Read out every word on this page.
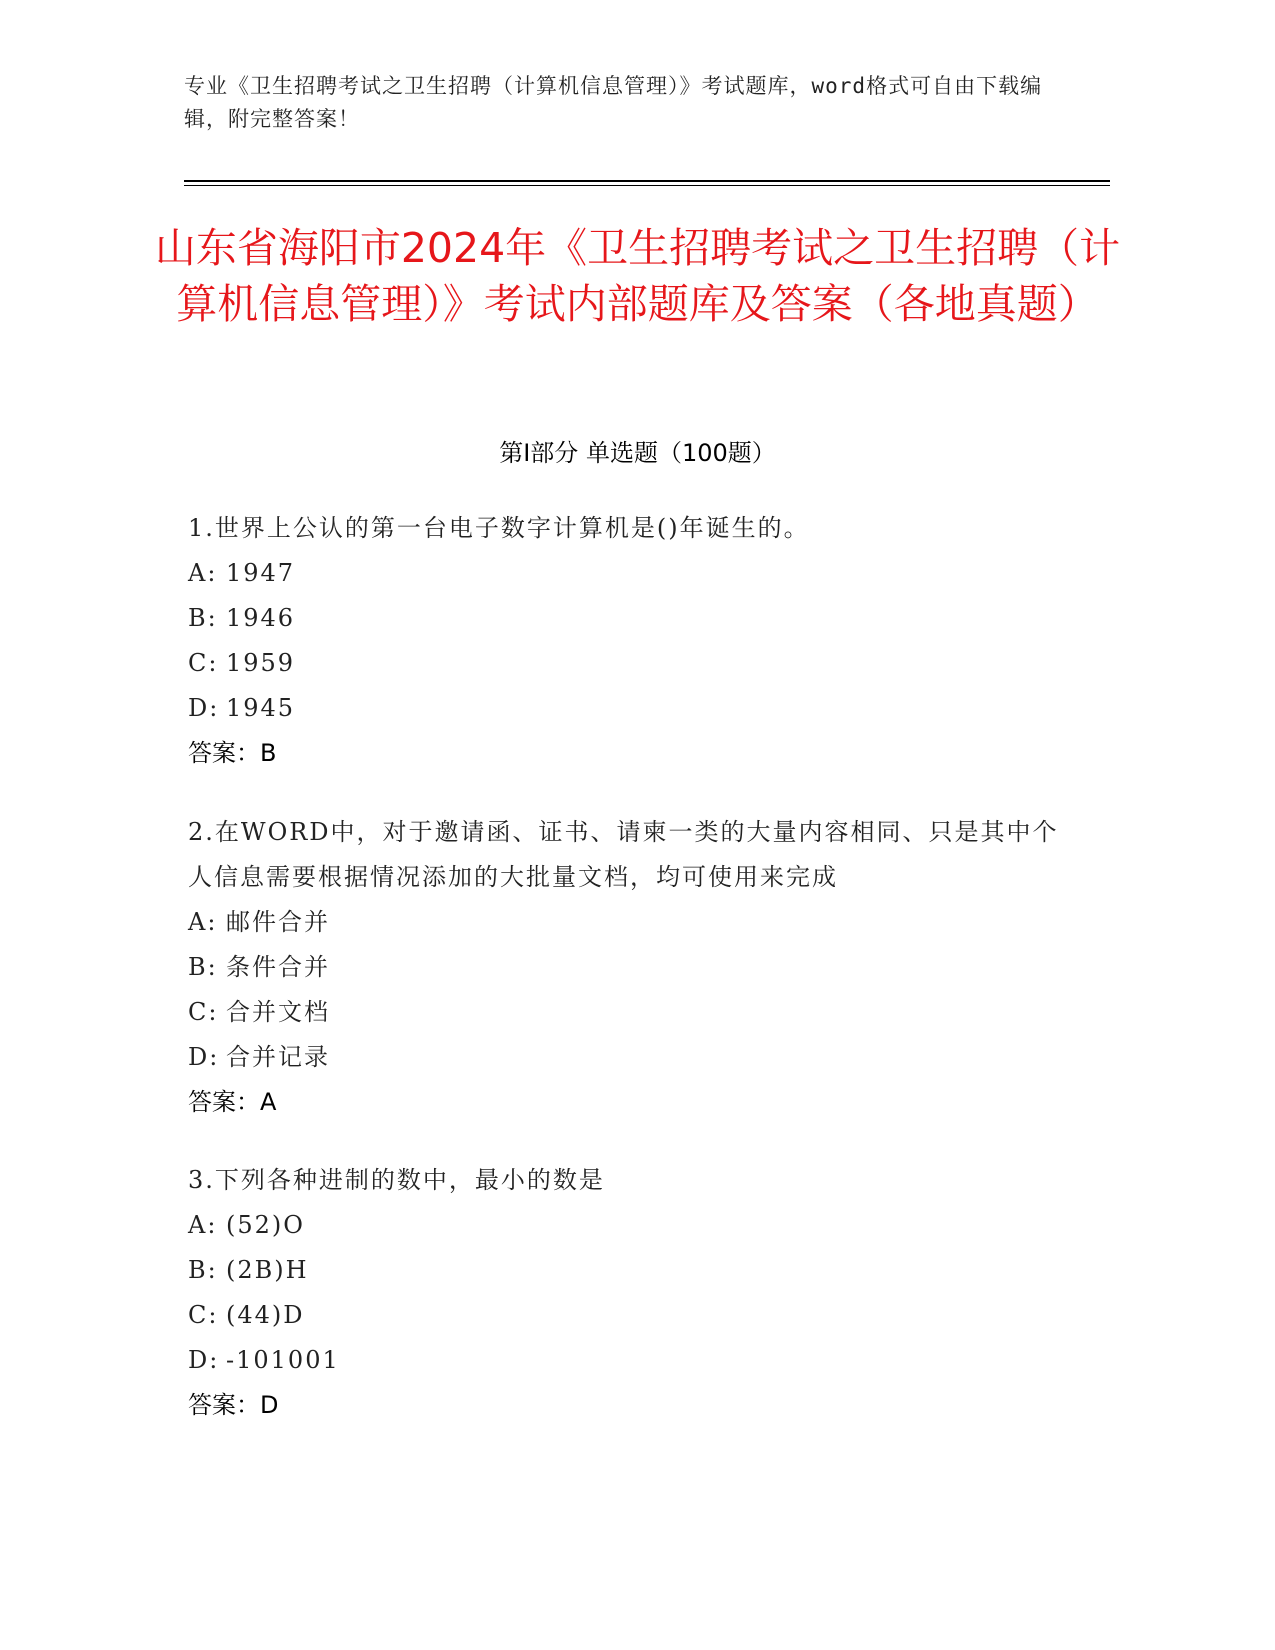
专业《卫生招聘考试之卫生招聘（计算机信息管理）》考试题库，word格式可自由下载编辑，附完整答案！
山东省海阳市2024年《卫生招聘考试之卫生招聘（计算机信息管理）》考试内部题库及答案（各地真题）
第I部分 单选题（100题）
1.世界上公认的第一台电子数字计算机是()年诞生的。
A: 1947
B: 1946
C: 1959
D: 1945
答案：B
2.在WORD中，对于邀请函、证书、请柬一类的大量内容相同、只是其中个人信息需要根据情况添加的大批量文档，均可使用来完成
A: 邮件合并
B: 条件合并
C: 合并文档
D: 合并记录
答案：A
3.下列各种进制的数中，最小的数是
A: (52)O
B: (2B)H
C: (44)D
D: -101001
答案：D
